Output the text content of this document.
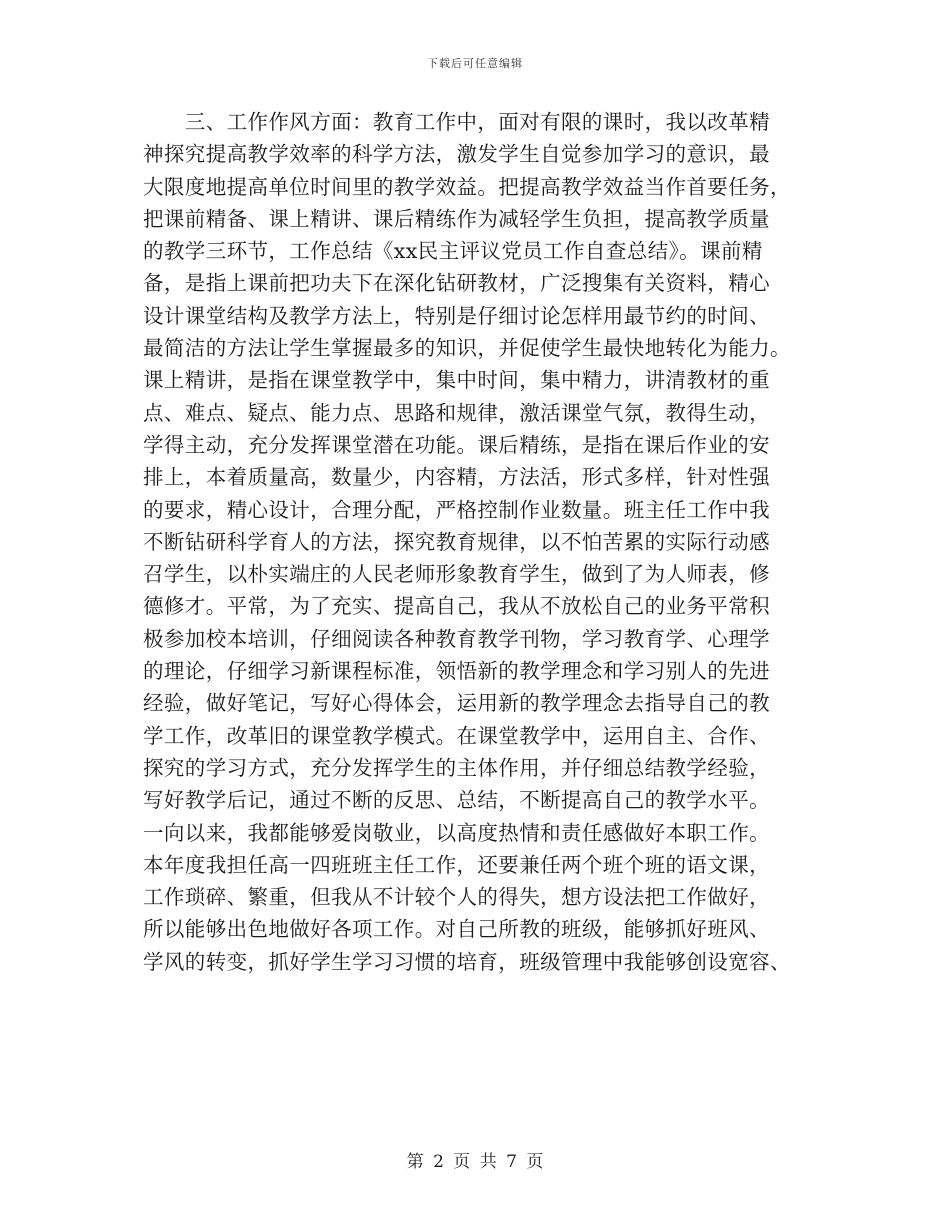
下载后可任意编辑
　　三、工作作风方面：教育工作中，面对有限的课时，我以改革精
神探究提高教学效率的科学方法，激发学生自觉参加学习的意识，最
大限度地提高单位时间里的教学效益。把提高教学效益当作首要任务，
把课前精备、课上精讲、课后精练作为减轻学生负担，提高教学质量
的教学三环节，工作总结《xx民主评议党员工作自查总结》。课前精
备，是指上课前把功夫下在深化钻研教材，广泛搜集有关资料，精心
设计课堂结构及教学方法上，特别是仔细讨论怎样用最节约的时间、
最简洁的方法让学生掌握最多的知识，并促使学生最快地转化为能力。
课上精讲，是指在课堂教学中，集中时间，集中精力，讲清教材的重
点、难点、疑点、能力点、思路和规律，激活课堂气氛，教得生动，
学得主动，充分发挥课堂潜在功能。课后精练，是指在课后作业的安
排上，本着质量高，数量少，内容精，方法活，形式多样，针对性强
的要求，精心设计，合理分配，严格控制作业数量。班主任工作中我
不断钻研科学育人的方法，探究教育规律，以不怕苦累的实际行动感
召学生，以朴实端庄的人民老师形象教育学生，做到了为人师表，修
德修才。平常，为了充实、提高自己，我从不放松自己的业务平常积
极参加校本培训，仔细阅读各种教育教学刊物，学习教育学、心理学
的理论，仔细学习新课程标准，领悟新的教学理念和学习别人的先进
经验，做好笔记，写好心得体会，运用新的教学理念去指导自己的教
学工作，改革旧的课堂教学模式。在课堂教学中，运用自主、合作、
探究的学习方式，充分发挥学生的主体作用，并仔细总结教学经验，
写好教学后记，通过不断的反思、总结，不断提高自己的教学水平。
一向以来，我都能够爱岗敬业，以高度热情和责任感做好本职工作。
本年度我担任高一四班班主任工作，还要兼任两个班个班的语文课，
工作琐碎、繁重，但我从不计较个人的得失，想方设法把工作做好，
所以能够出色地做好各项工作。对自己所教的班级，能够抓好班风、
学风的转变，抓好学生学习习惯的培育，班级管理中我能够创设宽容、
第 2 页 共 7 页
